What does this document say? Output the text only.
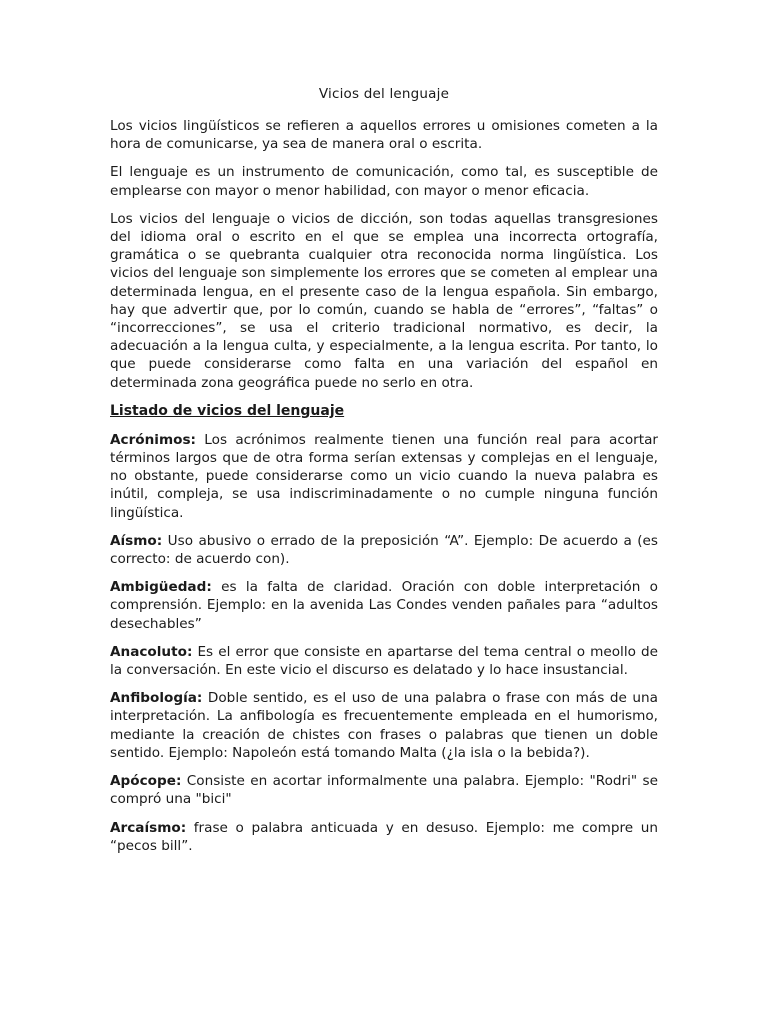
Vicios del lenguaje

Los vicios lingüísticos se refieren a aquellos errores u omisiones cometen a la hora de comunicarse, ya sea de manera oral o escrita.

El lenguaje es un instrumento de comunicación, como tal, es susceptible de emplearse con mayor o menor habilidad, con mayor o menor eficacia.

Los vicios del lenguaje o vicios de dicción, son todas aquellas transgresiones del idioma oral o escrito en el que se emplea una incorrecta ortografía, gramática o se quebranta cualquier otra reconocida norma lingüística. Los vicios del lenguaje son simplemente los errores que se cometen al emplear una determinada lengua, en el presente caso de la lengua española. Sin embargo, hay que advertir que, por lo común, cuando se habla de “errores”, “faltas” o “incorrecciones”, se usa el criterio tradicional normativo, es decir, la adecuación a la lengua culta, y especialmente, a la lengua escrita. Por tanto, lo que puede considerarse como falta en una variación del español en determinada zona geográfica puede no serlo en otra.

Listado de vicios del lenguaje

Acrónimos: Los acrónimos realmente tienen una función real para acortar términos largos que de otra forma serían extensas y complejas en el lenguaje, no obstante, puede considerarse como un vicio cuando la nueva palabra es inútil, compleja, se usa indiscriminadamente o no cumple ninguna función lingüística.

Aísmo: Uso abusivo o errado de la preposición “A”. Ejemplo: De acuerdo a (es correcto: de acuerdo con).

Ambigüedad: es la falta de claridad. Oración con doble interpretación o comprensión. Ejemplo: en la avenida Las Condes venden pañales para “adultos desechables”

Anacoluto: Es el error que consiste en apartarse del tema central o meollo de la conversación. En este vicio el discurso es delatado y lo hace insustancial.

Anfibología: Doble sentido, es el uso de una palabra o frase con más de una interpretación. La anfibología es frecuentemente empleada en el humorismo, mediante la creación de chistes con frases o palabras que tienen un doble sentido. Ejemplo: Napoleón está tomando Malta (¿la isla o la bebida?).

Apócope: Consiste en acortar informalmente una palabra. Ejemplo: "Rodri" se compró una "bici"

Arcaísmo: frase o palabra anticuada y en desuso. Ejemplo: me compre un “pecos bill”.
